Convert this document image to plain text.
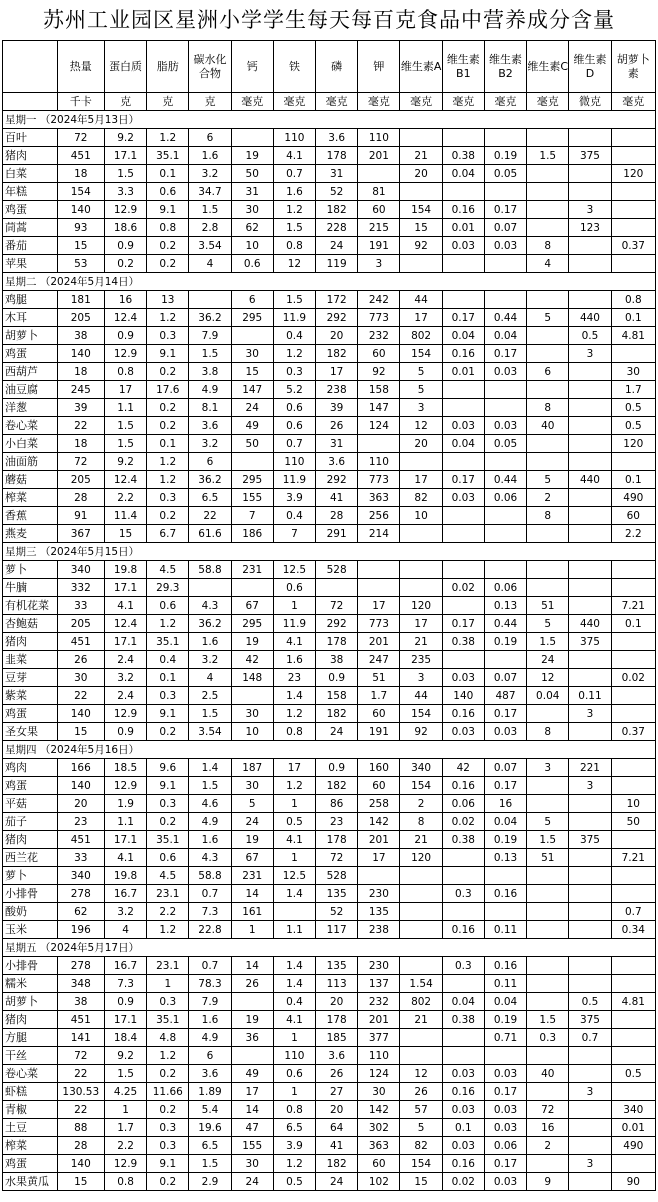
苏州工业园区星洲小学学生每天每百克食品中营养成分含量
	热量	蛋白质	脂肪	碳水化合物	钙	铁	磷	钾	维生素A	维生素B1	维生素B2	维生素C	维生素D	胡萝卜素
	千卡	克	克	克	毫克	毫克	毫克	毫克	毫克	毫克	毫克	毫克	微克	毫克
星期一 （2024年5月13日）														
百叶	72	9.2	1.2	6		110	3.6	110						
猪肉	451	17.1	35.1	1.6	19	4.1	178	201	21	0.38	0.19	1.5	375	
白菜	18	1.5	0.1	3.2	50	0.7	31		20	0.04	0.05			120
年糕	154	3.3	0.6	34.7	31	1.6	52	81						
鸡蛋	140	12.9	9.1	1.5	30	1.2	182	60	154	0.16	0.17		3	
茼蒿	93	18.6	0.8	2.8	62	1.5	228	215	15	0.01	0.07		123	
番茄	15	0.9	0.2	3.54	10	0.8	24	191	92	0.03	0.03	8		0.37
苹果	53	0.2	0.2	4	0.6	12	119	3				4		
星期二 （2024年5月14日）														
鸡腿	181	16	13		6	1.5	172	242	44					0.8
木耳	205	12.4	1.2	36.2	295	11.9	292	773	17	0.17	0.44	5	440	0.1
胡萝卜	38	0.9	0.3	7.9		0.4	20	232	802	0.04	0.04		0.5	4.81
鸡蛋	140	12.9	9.1	1.5	30	1.2	182	60	154	0.16	0.17		3	
西葫芦	18	0.8	0.2	3.8	15	0.3	17	92	5	0.01	0.03	6		30
油豆腐	245	17	17.6	4.9	147	5.2	238	158	5					1.7
洋葱	39	1.1	0.2	8.1	24	0.6	39	147	3			8		0.5
卷心菜	22	1.5	0.2	3.6	49	0.6	26	124	12	0.03	0.03	40		0.5
小白菜	18	1.5	0.1	3.2	50	0.7	31		20	0.04	0.05			120
油面筋	72	9.2	1.2	6		110	3.6	110						
蘑菇	205	12.4	1.2	36.2	295	11.9	292	773	17	0.17	0.44	5	440	0.1
榨菜	28	2.2	0.3	6.5	155	3.9	41	363	82	0.03	0.06	2		490
香蕉	91	11.4	0.2	22	7	0.4	28	256	10			8		60
燕麦	367	15	6.7	61.6	186	7	291	214						2.2
星期三 （2024年5月15日）														
萝卜	340	19.8	4.5	58.8	231	12.5	528							
牛腩	332	17.1	29.3			0.6				0.02	0.06			
有机花菜	33	4.1	0.6	4.3	67	1	72	17	120		0.13	51		7.21
杏鲍菇	205	12.4	1.2	36.2	295	11.9	292	773	17	0.17	0.44	5	440	0.1
猪肉	451	17.1	35.1	1.6	19	4.1	178	201	21	0.38	0.19	1.5	375	
韭菜	26	2.4	0.4	3.2	42	1.6	38	247	235			24		
豆芽	30	3.2	0.1	4	148	23	0.9	51	3	0.03	0.07	12		0.02
紫菜	22	2.4	0.3	2.5		1.4	158	1.7	44	140	487	0.04	0.11	
鸡蛋	140	12.9	9.1	1.5	30	1.2	182	60	154	0.16	0.17		3	
圣女果	15	0.9	0.2	3.54	10	0.8	24	191	92	0.03	0.03	8		0.37
星期四 （2024年5月16日）														
鸡肉	166	18.5	9.6	1.4	187	17	0.9	160	340	42	0.07	3	221	
鸡蛋	140	12.9	9.1	1.5	30	1.2	182	60	154	0.16	0.17		3	
平菇	20	1.9	0.3	4.6	5	1	86	258	2	0.06	16			10
茄子	23	1.1	0.2	4.9	24	0.5	23	142	8	0.02	0.04	5		50
猪肉	451	17.1	35.1	1.6	19	4.1	178	201	21	0.38	0.19	1.5	375	
西兰花	33	4.1	0.6	4.3	67	1	72	17	120		0.13	51		7.21
萝卜	340	19.8	4.5	58.8	231	12.5	528							
小排骨	278	16.7	23.1	0.7	14	1.4	135	230		0.3	0.16			
酸奶	62	3.2	2.2	7.3	161		52	135						0.7
玉米	196	4	1.2	22.8	1	1.1	117	238		0.16	0.11			0.34
星期五 （2024年5月17日）														
小排骨	278	16.7	23.1	0.7	14	1.4	135	230		0.3	0.16			
糯米	348	7.3	1	78.3	26	1.4	113	137	1.54		0.11			
胡萝卜	38	0.9	0.3	7.9		0.4	20	232	802	0.04	0.04		0.5	4.81
猪肉	451	17.1	35.1	1.6	19	4.1	178	201	21	0.38	0.19	1.5	375	
方腿	141	18.4	4.8	4.9	36	1	185	377			0.71	0.3	0.7	
干丝	72	9.2	1.2	6		110	3.6	110						
卷心菜	22	1.5	0.2	3.6	49	0.6	26	124	12	0.03	0.03	40		0.5
虾糕	130.53	4.25	11.66	1.89	17	1	27	30	26	0.16	0.17		3	
青椒	22	1	0.2	5.4	14	0.8	20	142	57	0.03	0.03	72		340
土豆	88	1.7	0.3	19.6	47	6.5	64	302	5	0.1	0.03	16		0.01
榨菜	28	2.2	0.3	6.5	155	3.9	41	363	82	0.03	0.06	2		490
鸡蛋	140	12.9	9.1	1.5	30	1.2	182	60	154	0.16	0.17		3	
水果黄瓜	15	0.8	0.2	2.9	24	0.5	24	102	15	0.02	0.03	9		90
